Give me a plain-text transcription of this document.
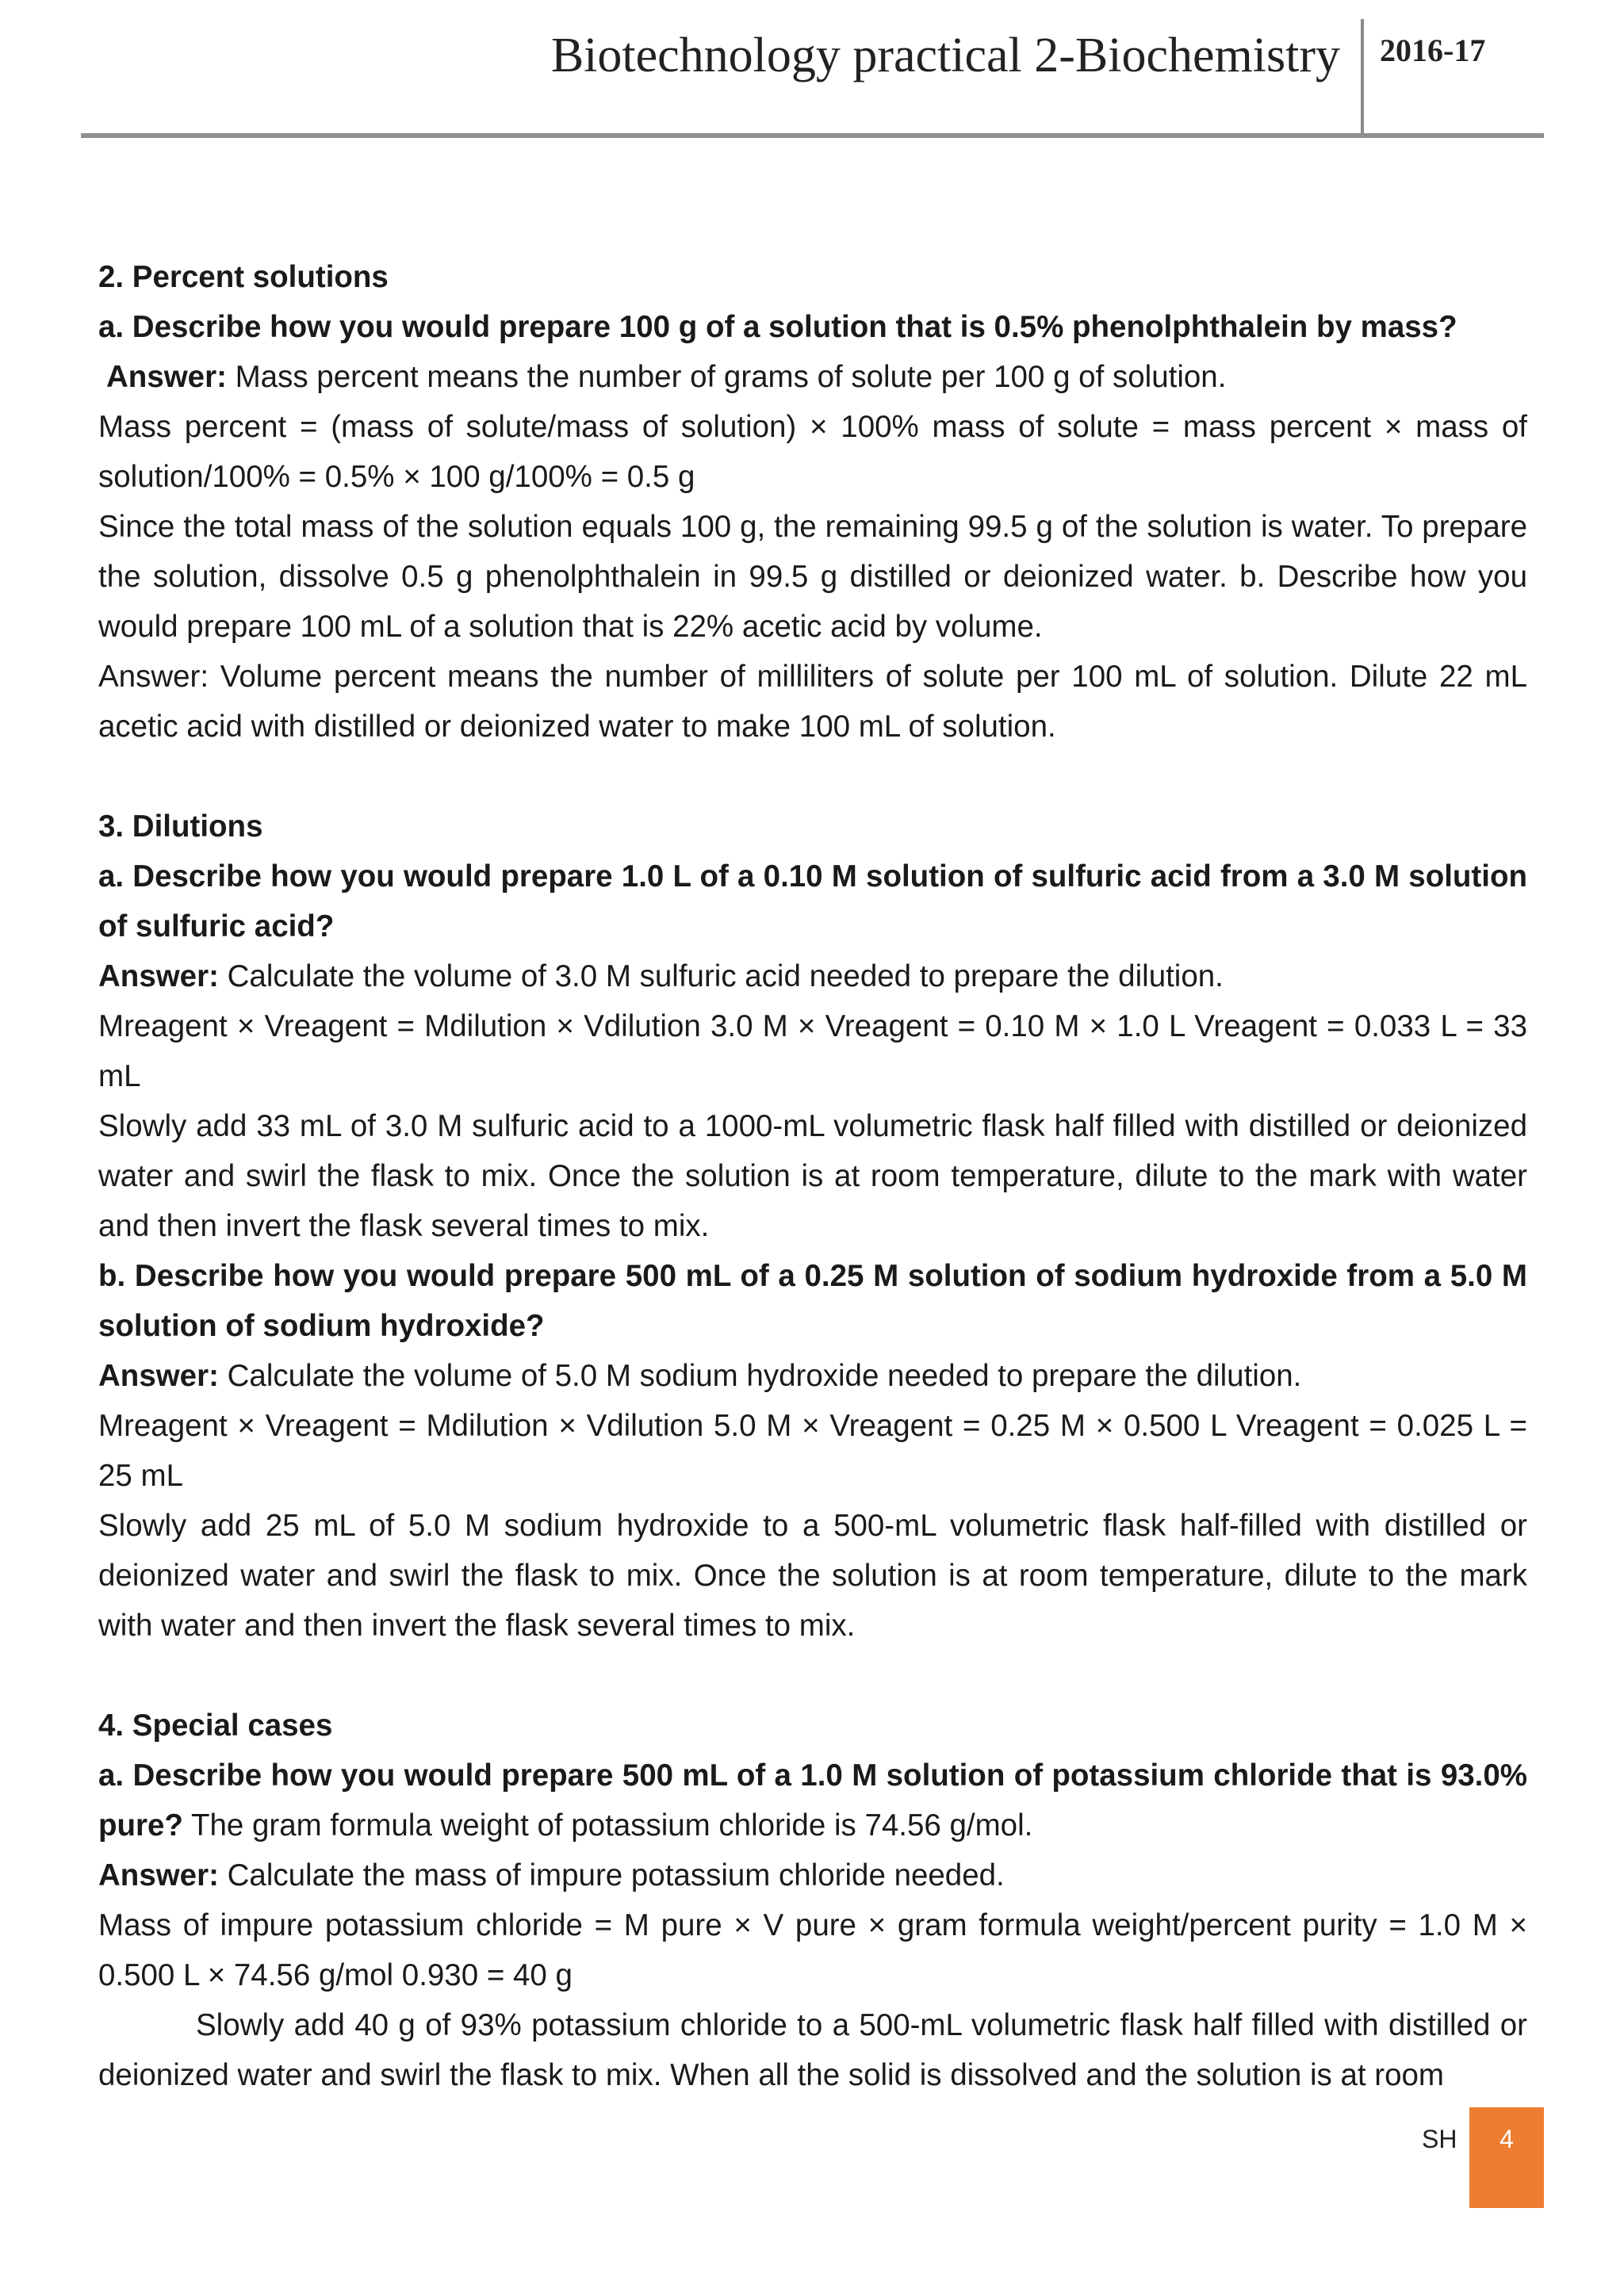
Biotechnology practical 2-Biochemistry 2016-17

2. Percent solutions

a. Describe how you would prepare 100 g of a solution that is 0.5% phenolphthalein by mass?

Answer: Mass percent means the number of grams of solute per 100 g of solution.

Mass percent = (mass of solute/mass of solution) × 100% mass of solute = mass percent × mass of solution/100% = 0.5% × 100 g/100% = 0.5 g

Since the total mass of the solution equals 100 g, the remaining 99.5 g of the solution is water. To prepare the solution, dissolve 0.5 g phenolphthalein in 99.5 g distilled or deionized water. b. Describe how you would prepare 100 mL of a solution that is 22% acetic acid by volume.

Answer: Volume percent means the number of milliliters of solute per 100 mL of solution. Dilute 22 mL acetic acid with distilled or deionized water to make 100 mL of solution.

3. Dilutions

a. Describe how you would prepare 1.0 L of a 0.10 M solution of sulfuric acid from a 3.0 M solution of sulfuric acid?

Answer: Calculate the volume of 3.0 M sulfuric acid needed to prepare the dilution.

Mreagent × Vreagent = Mdilution × Vdilution 3.0 M × Vreagent = 0.10 M × 1.0 L Vreagent = 0.033 L = 33 mL

Slowly add 33 mL of 3.0 M sulfuric acid to a 1000-mL volumetric flask half filled with distilled or deionized water and swirl the flask to mix. Once the solution is at room temperature, dilute to the mark with water and then invert the flask several times to mix.

b. Describe how you would prepare 500 mL of a 0.25 M solution of sodium hydroxide from a 5.0 M solution of sodium hydroxide?

Answer: Calculate the volume of 5.0 M sodium hydroxide needed to prepare the dilution.

Mreagent × Vreagent = Mdilution × Vdilution 5.0 M × Vreagent = 0.25 M × 0.500 L Vreagent = 0.025 L = 25 mL

Slowly add 25 mL of 5.0 M sodium hydroxide to a 500-mL volumetric flask half-filled with distilled or deionized water and swirl the flask to mix. Once the solution is at room temperature, dilute to the mark with water and then invert the flask several times to mix.

4. Special cases

a. Describe how you would prepare 500 mL of a 1.0 M solution of potassium chloride that is 93.0% pure? The gram formula weight of potassium chloride is 74.56 g/mol.

Answer: Calculate the mass of impure potassium chloride needed.

Mass of impure potassium chloride = M pure × V pure × gram formula weight/percent purity = 1.0 M × 0.500 L × 74.56 g/mol 0.930 = 40 g

Slowly add 40 g of 93% potassium chloride to a 500-mL volumetric flask half filled with distilled or deionized water and swirl the flask to mix. When all the solid is dissolved and the solution is at room

SH	4
